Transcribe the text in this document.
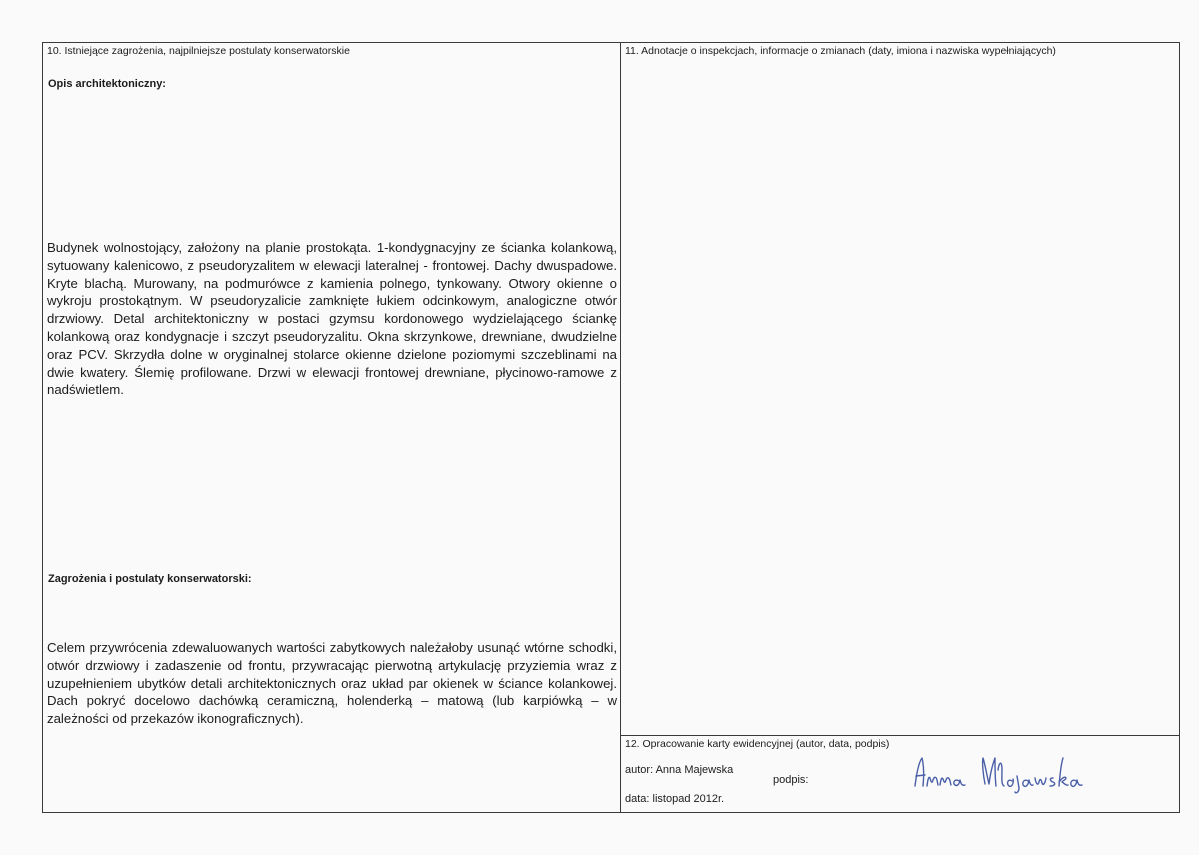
10. Istniejące zagrożenia, najpilniejsze postulaty konserwatorskie
Opis architektoniczny:
Budynek wolnostojący, założony na planie prostokąta. 1-kondygnacyjny ze ścianka kolankową, sytuowany kalenicowo, z pseudoryzalitem w elewacji lateralnej - frontowej. Dachy dwuspadowe. Kryte blachą. Murowany, na podmurówce z kamienia polnego, tynkowany. Otwory okienne o wykroju prostokątnym. W pseudoryzalicie zamknięte łukiem odcinkowym, analogiczne otwór drzwiowy. Detal architektoniczny w postaci gzymsu kordonowego wydzielającego ściankę kolankową oraz kondygnacje i szczyt pseudoryzalitu. Okna skrzynkowe, drewniane, dwudzielne oraz PCV. Skrzydła dolne w oryginalnej stolarce okienne dzielone poziomymi szczeblinami na dwie kwatery. Ślemię profilowane. Drzwi w elewacji frontowej drewniane, płycinowo-ramowe z nadświetlem.
Zagrożenia i postulaty konserwatorski:
Celem przywrócenia zdewaluowanych wartości zabytkowych należałoby usunąć wtórne schodki, otwór drzwiowy i zadaszenie od frontu, przywracając pierwotną artykulację przyziemia wraz z uzupełnieniem ubytków detali architektonicznych oraz układ par okienek w ściance kolankowej. Dach pokryć docelowo dachówką ceramiczną, holenderką – matową (lub karpiówką – w zależności od przekazów ikonograficznych).
11. Adnotacje o inspekcjach, informacje o zmianach (daty, imiona i nazwiska wypełniających)
12. Opracowanie karty ewidencyjnej (autor, data, podpis)
autor: Anna Majewska
podpis:
data: listopad 2012r.
